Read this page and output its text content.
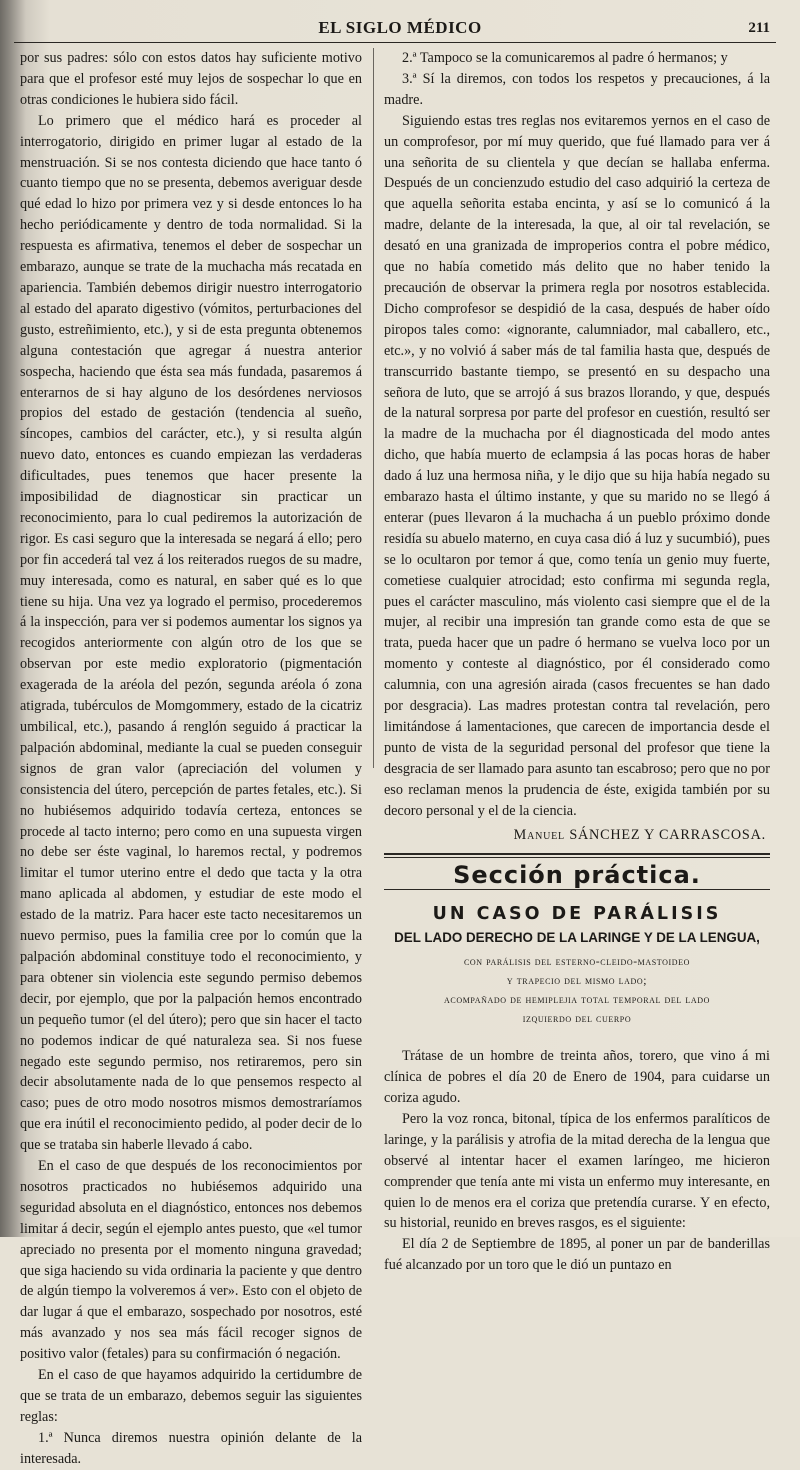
EL SIGLO MÉDICO	211

por sus padres: sólo con estos datos hay suficiente motivo para que el profesor esté muy lejos de sospechar lo que en otras condiciones le hubiera sido fácil.

Lo primero que el médico hará es proceder al interrogatorio, dirigido en primer lugar al estado de la menstruación. Si se nos contesta diciendo que hace tanto ó cuanto tiempo que no se presenta, debemos averiguar desde qué edad lo hizo por primera vez y si desde entonces lo ha hecho periódicamente y dentro de toda normalidad. Si la respuesta es afirmativa, tenemos el deber de sospechar un embarazo, aunque se trate de la muchacha más recatada en apariencia. También debemos dirigir nuestro interrogatorio al estado del aparato digestivo (vómitos, perturbaciones del gusto, estreñimiento, etc.), y si de esta pregunta obtenemos alguna contestación que agregar á nuestra anterior sospecha, haciendo que ésta sea más fundada, pasaremos á enterarnos de si hay alguno de los desórdenes nerviosos propios del estado de gestación (tendencia al sueño, síncopes, cambios del carácter, etc.), y si resulta algún nuevo dato, entonces es cuando empiezan las verdaderas dificultades, pues tenemos que hacer presente la imposibilidad de diagnosticar sin practicar un reconocimiento, para lo cual pediremos la autorización de rigor. Es casi seguro que la interesada se negará á ello; pero por fin accederá tal vez á los reiterados ruegos de su madre, muy interesada, como es natural, en saber qué es lo que tiene su hija. Una vez ya logrado el permiso, procederemos á la inspección, para ver si podemos aumentar los signos ya recogidos anteriormente con algún otro de los que se observan por este medio exploratorio (pigmentación exagerada de la aréola del pezón, segunda aréola ó zona atigrada, tubérculos de Momgommery, estado de la cicatriz umbilical, etc.), pasando á renglón seguido á practicar la palpación abdominal, mediante la cual se pueden conseguir signos de gran valor (apreciación del volumen y consistencia del útero, percepción de partes fetales, etc.). Si no hubiésemos adquirido todavía certeza, entonces se procede al tacto interno; pero como en una supuesta virgen no debe ser éste vaginal, lo haremos rectal, y podremos limitar el tumor uterino entre el dedo que tacta y la otra mano aplicada al abdomen, y estudiar de este modo el estado de la matriz. Para hacer este tacto necesitaremos un nuevo permiso, pues la familia cree por lo común que la palpación abdominal constituye todo el reconocimiento, y para obtener sin violencia este segundo permiso debemos decir, por ejemplo, que por la palpación hemos encontrado un pequeño tumor (el del útero); pero que sin hacer el tacto no podemos indicar de qué naturaleza sea. Si nos fuese negado este segundo permiso, nos retiraremos, pero sin decir absolutamente nada de lo que pensemos respecto al caso; pues de otro modo nosotros mismos demostraríamos que era inútil el reconocimiento pedido, al poder decir de lo que se trataba sin haberle llevado á cabo.

En el caso de que después de los reconocimientos por nosotros practicados no hubiésemos adquirido una seguridad absoluta en el diagnóstico, entonces nos debemos limitar á decir, según el ejemplo antes puesto, que «el tumor apreciado no presenta por el momento ninguna gravedad; que siga haciendo su vida ordinaria la paciente y que dentro de algún tiempo la volveremos á ver». Esto con el objeto de dar lugar á que el embarazo, sospechado por nosotros, esté más avanzado y nos sea más fácil recoger signos de positivo valor (fetales) para su confirmación ó negación.

En el caso de que hayamos adquirido la certidumbre de que se trata de un embarazo, debemos seguir las siguientes reglas:

1.ª Nunca diremos nuestra opinión delante de la interesada.

2.ª Tampoco se la comunicaremos al padre ó hermanos; y

3.ª Sí la diremos, con todos los respetos y precauciones, á la madre.

Siguiendo estas tres reglas nos evitaremos yernos en el caso de un comprofesor, por mí muy querido, que fué llamado para ver á una señorita de su clientela y que decían se hallaba enferma. Después de un concienzudo estudio del caso adquirió la certeza de que aquella señorita estaba encinta, y así se lo comunicó á la madre, delante de la interesada, la que, al oir tal revelación, se desató en una granizada de improperios contra el pobre médico, que no había cometido más delito que no haber tenido la precaución de observar la primera regla por nosotros establecida. Dicho comprofesor se despidió de la casa, después de haber oído piropos tales como: «ignorante, calumniador, mal caballero, etc., etc.», y no volvió á saber más de tal familia hasta que, después de transcurrido bastante tiempo, se presentó en su despacho una señora de luto, que se arrojó á sus brazos llorando, y que, después de la natural sorpresa por parte del profesor en cuestión, resultó ser la madre de la muchacha por él diagnosticada del modo antes dicho, que había muerto de eclampsia á las pocas horas de haber dado á luz una hermosa niña, y le dijo que su hija había negado su embarazo hasta el último instante, y que su marido no se llegó á enterar (pues llevaron á la muchacha á un pueblo próximo donde residía su abuelo materno, en cuya casa dió á luz y sucumbió), pues se lo ocultaron por temor á que, como tenía un genio muy fuerte, cometiese cualquier atrocidad; esto confirma mi segunda regla, pues el carácter masculino, más violento casi siempre que el de la mujer, al recibir una impresión tan grande como esta de que se trata, pueda hacer que un padre ó hermano se vuelva loco por un momento y conteste al diagnóstico, por él considerado como calumnia, con una agresión airada (casos frecuentes se han dado por desgracia). Las madres protestan contra tal revelación, pero limitándose á lamentaciones, que carecen de importancia desde el punto de vista de la seguridad personal del profesor que tiene la desgracia de ser llamado para asunto tan escabroso; pero que no por eso reclaman menos la prudencia de éste, exigida también por su decoro personal y el de la ciencia.

Manuel SÁNCHEZ Y CARRASCOSA.
Sección práctica.
UN CASO DE PARÁLISIS
DEL LADO DERECHO DE LA LARINGE Y DE LA LENGUA,
con parálisis del esterno-cleido-mastoideo
y trapecio del mismo lado;
acompañado de hemiplejia total temporal del lado
izquierdo del cuerpo

Trátase de un hombre de treinta años, torero, que vino á mi clínica de pobres el día 20 de Enero de 1904, para cuidarse un coriza agudo.

Pero la voz ronca, bitonal, típica de los enfermos paralíticos de laringe, y la parálisis y atrofia de la mitad derecha de la lengua que observé al intentar hacer el examen laríngeo, me hicieron comprender que tenía ante mi vista un enfermo muy interesante, en quien lo de menos era el coriza que pretendía curarse. Y en efecto, su historial, reunido en breves rasgos, es el siguiente:

El día 2 de Septiembre de 1895, al poner un par de banderillas fué alcanzado por un toro que le dió un puntazo en
